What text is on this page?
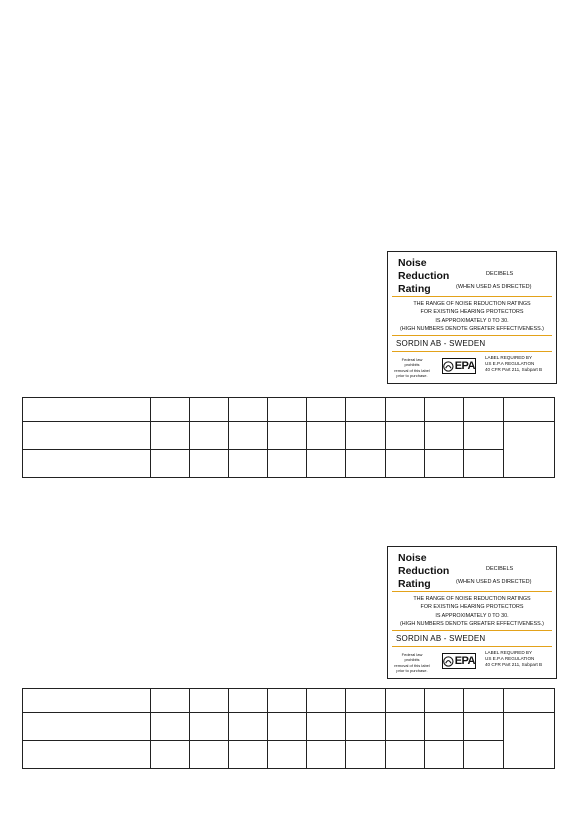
Noise
Reduction
Rating
DECIBELS
(WHEN USED AS DIRECTED)
THE RANGE OF NOISE REDUCTION RATINGS
FOR EXISTING HEARING PROTECTORS
IS APPROXIMATELY 0 TO 30.
(HIGH NUMBERS DENOTE GREATER EFFECTIVENESS.)
SORDIN AB - SWEDEN
Federal law prohibits
removal of this label
prior to purchase.
EPA
LABEL REQUIRED BY
US E.P.A REGULATION
40 CFR Part 211, Subpart B

Noise
Reduction
Rating
DECIBELS
(WHEN USED AS DIRECTED)
THE RANGE OF NOISE REDUCTION RATINGS
FOR EXISTING HEARING PROTECTORS
IS APPROXIMATELY 0 TO 30.
(HIGH NUMBERS DENOTE GREATER EFFECTIVENESS.)
SORDIN AB - SWEDEN
Federal law prohibits
removal of this label
prior to purchase.
EPA
LABEL REQUIRED BY
US E.P.A REGULATION
40 CFR Part 211, Subpart B
